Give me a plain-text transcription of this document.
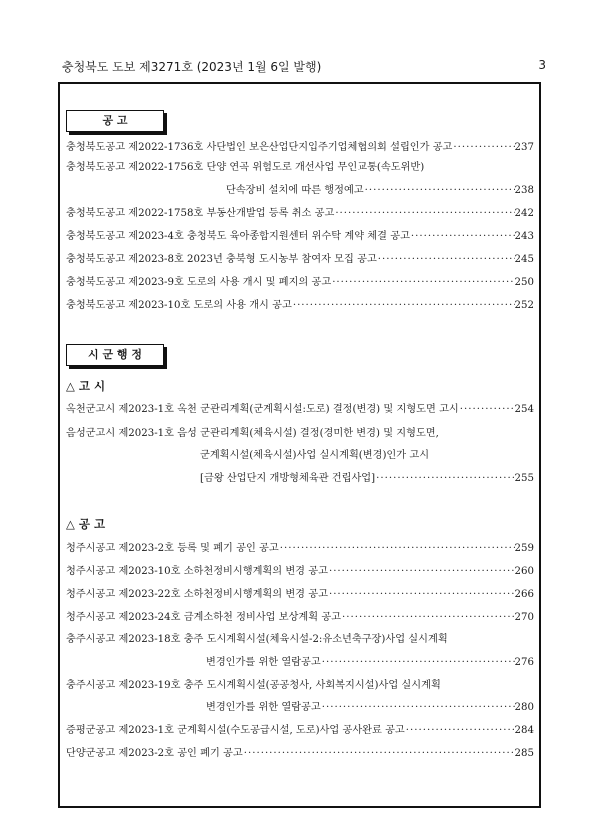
충청북도 도보 제3271호 (2023년 1월 6일 발행)	3
공 고
충청북도공고 제2022-1736호 사단법인 보은산업단지입주기업체협의회 설립인가 공고 ·····	237
충청북도공고 제2022-1756호 단양 연곡 위험도로 개선사업 무인교통(속도위반)
단속장비 설치에 따른 행정예고 ·····	238
충청북도공고 제2022-1758호 부동산개발업 등록 취소 공고 ·····	242
충청북도공고 제2023-4호 충청북도 육아종합지원센터 위수탁 계약 체결 공고 ·····	243
충청북도공고 제2023-8호 2023년 충북형 도시농부 참여자 모집 공고 ·····	245
충청북도공고 제2023-9호 도로의 사용 개시 및 폐지의 공고 ·····	250
충청북도공고 제2023-10호 도로의 사용 개시 공고 ·····	252
시 군 행 정
△ 고 시
옥천군고시 제2023-1호 옥천 군관리계획(군계획시설:도로) 결정(변경) 및 지형도면 고시 ·····	254
음성군고시 제2023-1호 음성 군관리계획(체육시설) 결정(경미한 변경) 및 지형도면,
군계획시설(체육시설)사업 실시계획(변경)인가 고시
[금왕 산업단지 개방형체육관 건립사업] ·····	255
△ 공 고
청주시공고 제2023-2호 등록 및 폐기 공인 공고 ·····	259
청주시공고 제2023-10호 소하천정비시행계획의 변경 공고 ·····	260
청주시공고 제2023-22호 소하천정비시행계획의 변경 공고 ·····	266
청주시공고 제2023-24호 금계소하천 정비사업 보상계획 공고 ·····	270
충주시공고 제2023-18호 충주 도시계획시설(체육시설-2:유소년축구장)사업 실시계획
변경인가를 위한 열람공고 ·····	276
충주시공고 제2023-19호 충주 도시계획시설(공공청사, 사회복지시설)사업 실시계획
변경인가를 위한 열람공고 ·····	280
증평군공고 제2023-1호 군계획시설(수도공급시설, 도로)사업 공사완료 공고 ·····	284
단양군공고 제2023-2호 공인 폐기 공고 ·····	285
